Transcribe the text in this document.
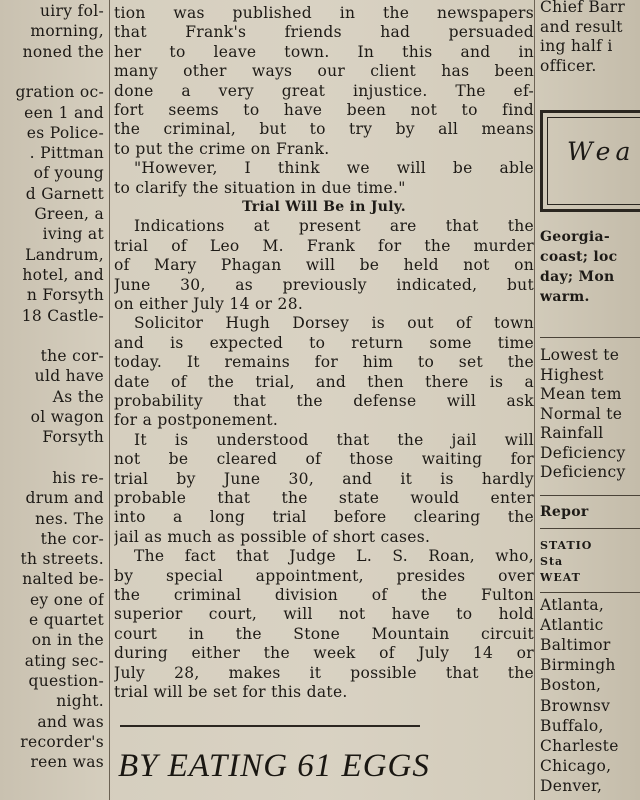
uiry fol-
morning,
noned the
gration oc-
een 1 and
es Police-
. Pittman
of young
d Garnett
Green, a
iving at
Landrum,
hotel, and
n Forsyth
18 Castle-
the cor-
uld have
As the
ol wagon
Forsyth
his re-
drum and
nes. The
the cor-
th streets.
nalted be-
ey one of
e quartet
on in the
ating sec-
question-
night.
and was
recorder's
reen was
tion was published in the newspapers
that Frank's friends had persuaded
her to leave town. In this and in
many other ways our client has been
done a very great injustice. The ef-
fort seems to have been not to find
the criminal, but to try by all means
to put the crime on Frank.
"However, I think we will be able
to clarify the situation in due time."
Trial Will Be in July.
Indications at present are that the
trial of Leo M. Frank for the murder
of Mary Phagan will be held not on
June 30, as previously indicated, but
on either July 14 or 28.
Solicitor Hugh Dorsey is out of town
and is expected to return some time
today. It remains for him to set the
date of the trial, and then there is a
probability that the defense will ask
for a postponement.
It is understood that the jail will
not be cleared of those waiting for
trial by June 30, and it is hardly
probable that the state would enter
into a long trial before clearing the
jail as much as possible of short cases.
The fact that Judge L. S. Roan, who,
by special appointment, presides over
the criminal division of the Fulton
superior court, will not have to hold
court in the Stone Mountain circuit
during either the week of July 14 or
July 28, makes it possible that the
trial will be set for this date.
BY EATING 61 EGGS
Chief Barr
and result
ing half i
officer.
Georgia-
coast; loc
day; Mon
warm.
Lowest te
Highest
Mean tem
Normal te
Rainfall
Deficiency
Deficiency
Repor
STATIO
Sta
WEAT
Atlanta,
Atlantic
Baltimor
Birmingh
Boston,
Brownsv
Buffalo,
Charleste
Chicago,
Denver,
Wea
